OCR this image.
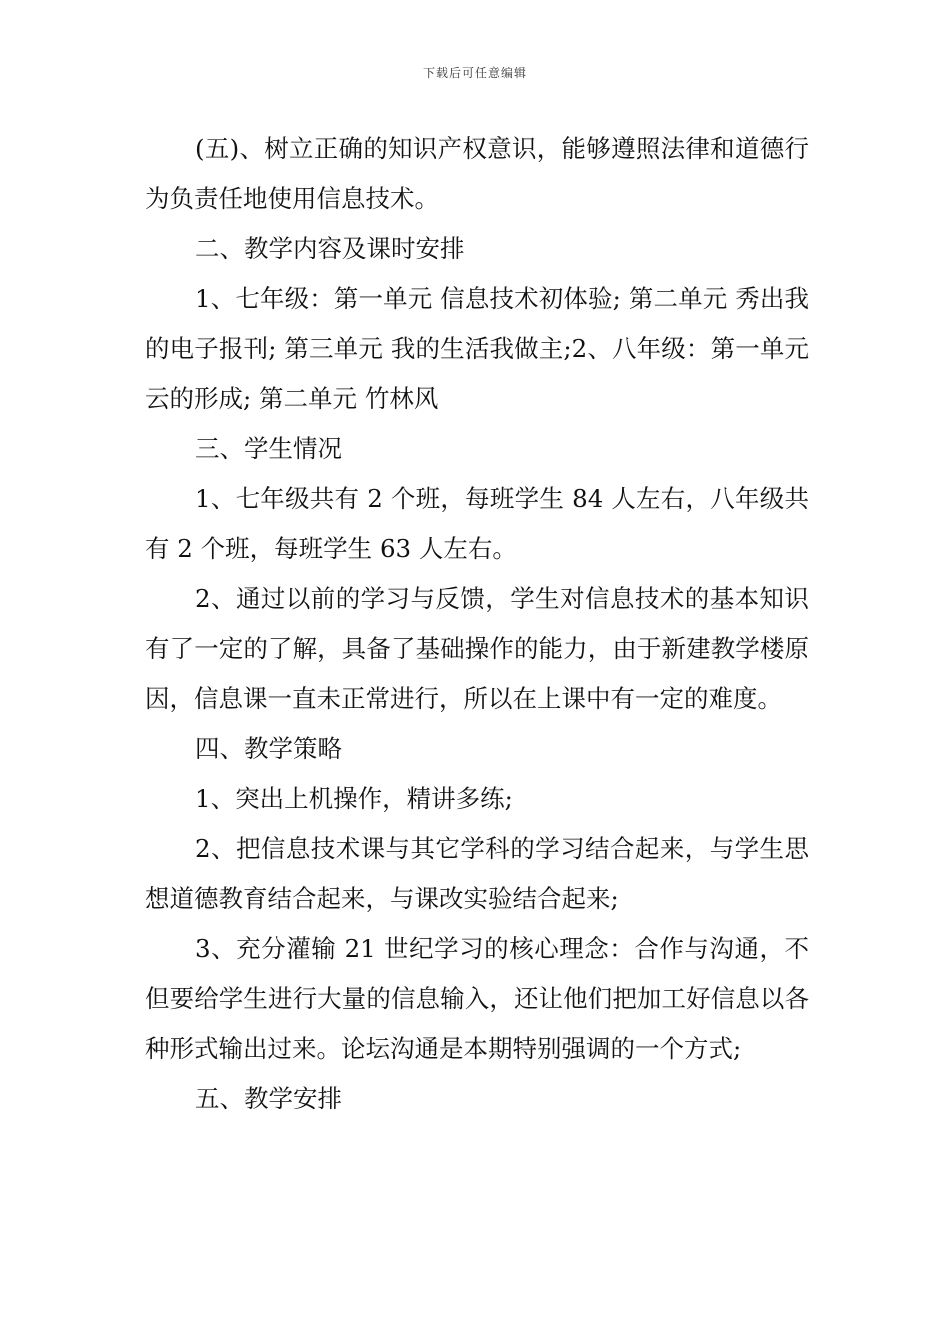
下载后可任意编辑

(五)、树立正确的知识产权意识，能够遵照法律和道德行为负责任地使用信息技术。

二、教学内容及课时安排

1、七年级：第一单元 信息技术初体验; 第二单元 秀出我的电子报刊; 第三单元 我的生活我做主;2、八年级：第一单元 云的形成; 第二单元 竹林风

三、学生情况

1、七年级共有 2 个班，每班学生 84 人左右，八年级共有 2 个班，每班学生 63 人左右。

2、通过以前的学习与反馈，学生对信息技术的基本知识有了一定的了解，具备了基础操作的能力，由于新建教学楼原因，信息课一直未正常进行，所以在上课中有一定的难度。

四、教学策略

1、突出上机操作，精讲多练;

2、把信息技术课与其它学科的学习结合起来，与学生思想道德教育结合起来，与课改实验结合起来;

3、充分灌输 21 世纪学习的核心理念：合作与沟通，不但要给学生进行大量的信息输入，还让他们把加工好信息以各种形式输出过来。论坛沟通是本期特别强调的一个方式;

五、教学安排
